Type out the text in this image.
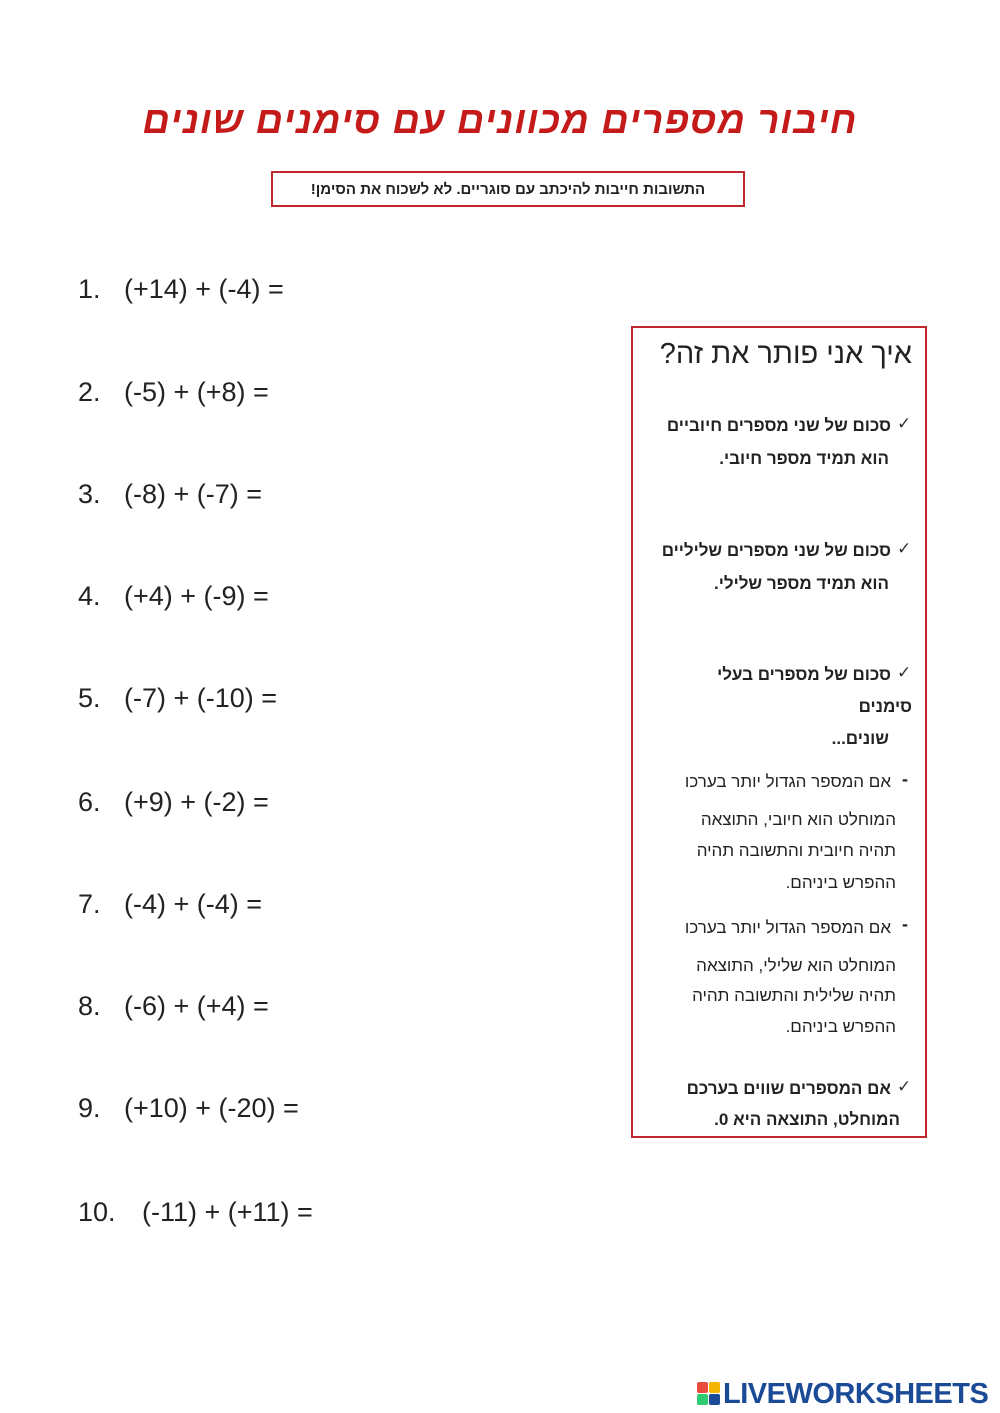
חיבור מספרים מכוונים עם סימנים שונים
התשובות חייבות להיכתב עם סוגריים. לא לשכוח את הסימן!
1. (+14) + (-4) =
2. (-5) + (+8) =
3. (-8) + (-7) =
4. (+4) + (-9) =
5. (-7) + (-10) =
6. (+9) + (-2) =
7. (-4) + (-4) =
8. (-6) + (+4) =
9. (+10) + (-20) =
10. (-11) + (+11) =
איך אני פותר את זה?
✓
סכום של שני מספרים חיוביים
הוא תמיד מספר חיובי.
✓
סכום של שני מספרים שליליים
הוא תמיד מספר שלילי.
✓
סכום של מספרים בעלי
סימנים
שונים...
-
אם המספר הגדול יותר בערכו
המוחלט הוא חיובי, התוצאה
תהיה חיובית והתשובה תהיה
ההפרש ביניהם.
-
אם המספר הגדול יותר בערכו
המוחלט הוא שלילי, התוצאה
תהיה שלילית והתשובה תהיה
ההפרש ביניהם.
✓
אם המספרים שווים בערכם
המוחלט, התוצאה היא 0.
LIVEWORKSHEETS
